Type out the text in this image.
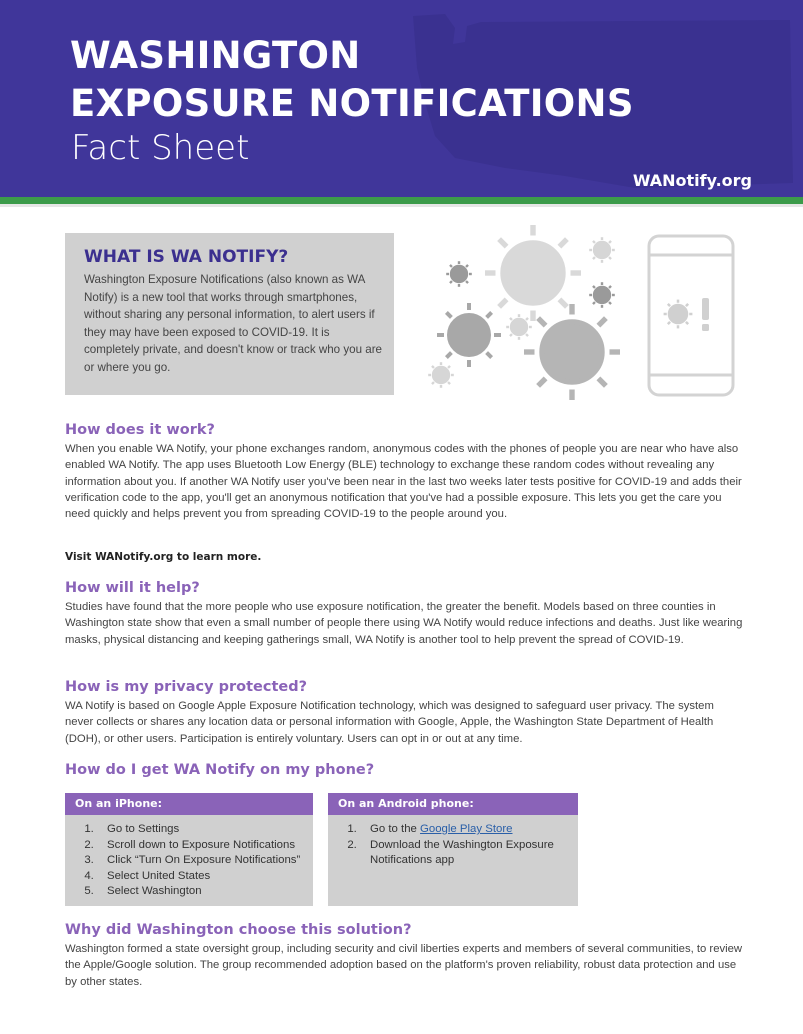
WASHINGTON
EXPOSURE NOTIFICATIONS
Fact Sheet
WANotify.org
WHAT IS WA NOTIFY?

Washington Exposure Notifications (also known as WA Notify) is a new tool that works through smartphones, without sharing any personal information, to alert users if they may have been exposed to COVID-19. It is completely private, and doesn't know or track who you are or where you go.

How does it work?

When you enable WA Notify, your phone exchanges random, anonymous codes with the phones of people you are near who have also enabled WA Notify. The app uses Bluetooth Low Energy (BLE) technology to exchange these random codes without revealing any information about you. If another WA Notify user you've been near in the last two weeks later tests positive for COVID-19 and adds their verification code to the app, you'll get an anonymous notification that you've had a possible exposure. This lets you get the care you need quickly and helps prevent you from spreading COVID-19 to the people around you.

Visit WANotify.org to learn more.

How will it help?

Studies have found that the more people who use exposure notification, the greater the benefit. Models based on three counties in Washington state show that even a small number of people there using WA Notify would reduce infections and deaths. Just like wearing masks, physical distancing and keeping gatherings small, WA Notify is another tool to help prevent the spread of COVID-19.

How is my privacy protected?

WA Notify is based on Google Apple Exposure Notification technology, which was designed to safeguard user privacy. The system never collects or shares any location data or personal information with Google, Apple, the Washington State Department of Health (DOH), or other users. Participation is entirely voluntary. Users can opt in or out at any time.

How do I get WA Notify on my phone?
On an iPhone:
1. Go to Settings
2. Scroll down to Exposure Notifications
3. Click “Turn On Exposure Notifications”
4. Select United States
5. Select Washington
On an Android phone:
1. Go to the Google Play Store
2. Download the Washington Exposure Notifications app
Why did Washington choose this solution?

Washington formed a state oversight group, including security and civil liberties experts and members of several communities, to review the Apple/Google solution. The group recommended adoption based on the platform's proven reliability, robust data protection and use by other states.
